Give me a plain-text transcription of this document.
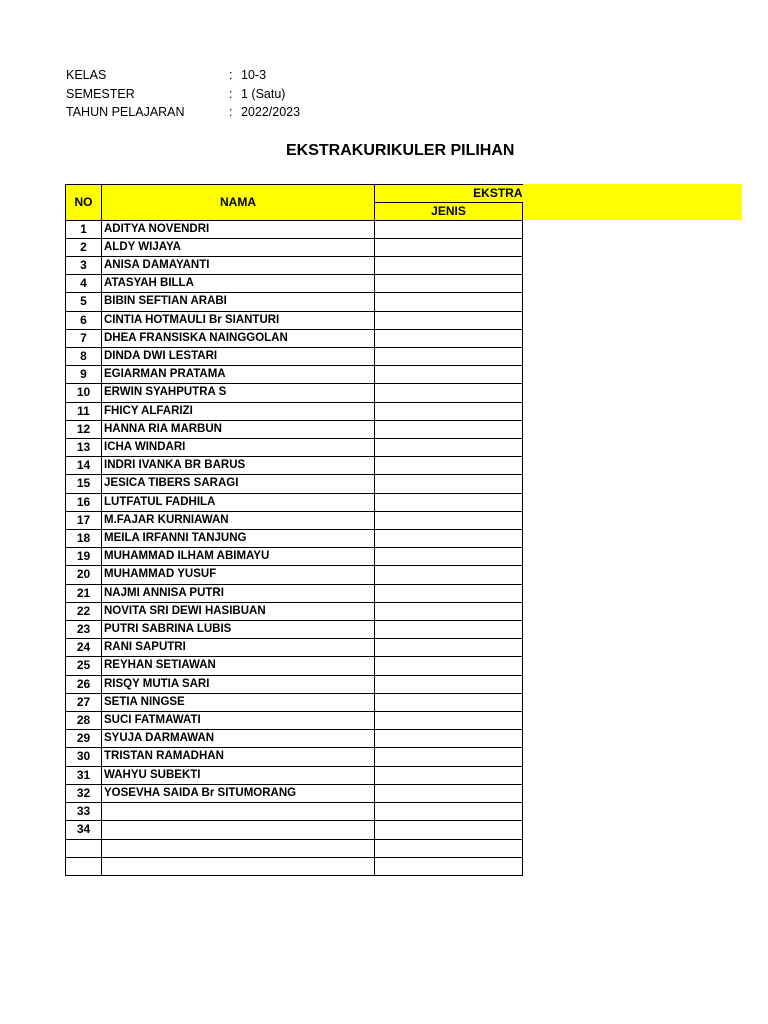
KELAS	: 10-3
SEMESTER	: 1 (Satu)
TAHUN PELAJARAN	: 2022/2023
EKSTRAKURIKULER PILIHAN
NO	NAMA	EKSTRA
		JENIS
1	ADITYA NOVENDRI	
2	ALDY WIJAYA	
3	ANISA DAMAYANTI	
4	ATASYAH BILLA	
5	BIBIN SEFTIAN ARABI	
6	CINTIA HOTMAULI Br SIANTURI	
7	DHEA FRANSISKA NAINGGOLAN	
8	DINDA DWI LESTARI	
9	EGIARMAN PRATAMA	
10	ERWIN SYAHPUTRA S	
11	FHICY ALFARIZI	
12	HANNA RIA MARBUN	
13	ICHA WINDARI	
14	INDRI IVANKA BR BARUS	
15	JESICA TIBERS SARAGI	
16	LUTFATUL FADHILA	
17	M.FAJAR KURNIAWAN	
18	MEILA IRFANNI TANJUNG	
19	MUHAMMAD ILHAM ABIMAYU	
20	MUHAMMAD YUSUF	
21	NAJMI ANNISA PUTRI	
22	NOVITA SRI DEWI HASIBUAN	
23	PUTRI SABRINA LUBIS	
24	RANI SAPUTRI	
25	REYHAN SETIAWAN	
26	RISQY MUTIA SARI	
27	SETIA NINGSE	
28	SUCI FATMAWATI	
29	SYUJA DARMAWAN	
30	TRISTAN RAMADHAN	
31	WAHYU SUBEKTI	
32	YOSEVHA SAIDA Br SITUMORANG	
33		
34		
